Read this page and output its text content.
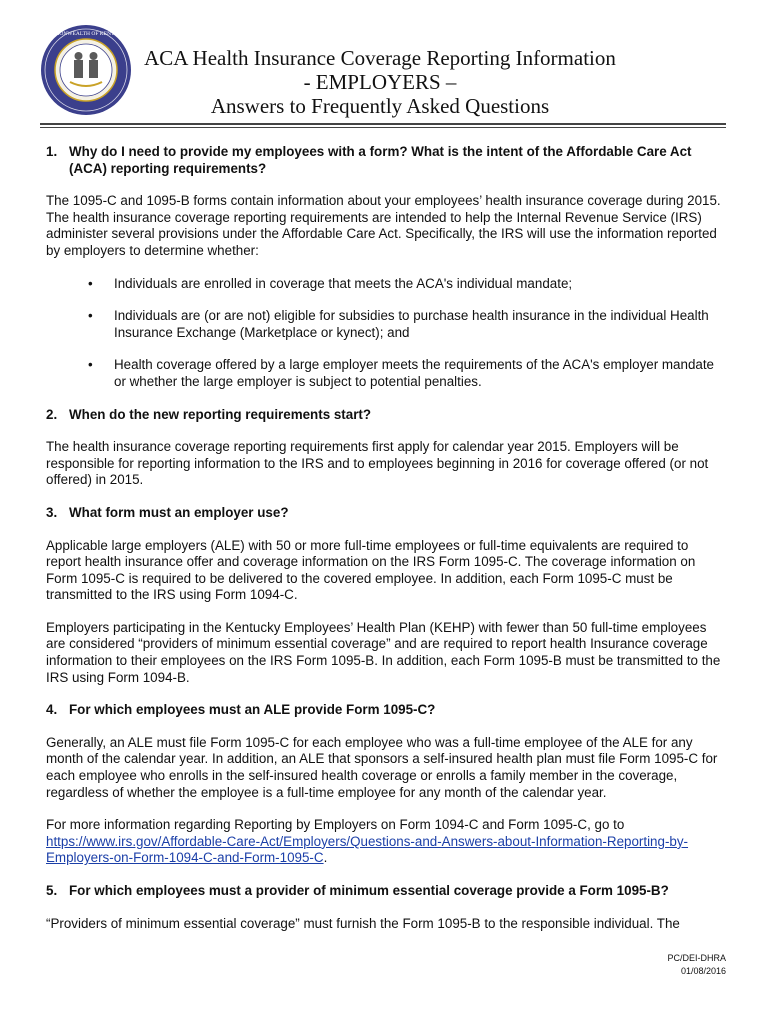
COMMONWEALTH OF KENTUCKY
ACA Health Insurance Coverage Reporting Information
- EMPLOYERS –
Answers to Frequently Asked Questions
1. Why do I need to provide my employees with a form? What is the intent of the Affordable Care Act (ACA) reporting requirements?

The 1095-C and 1095-B forms contain information about your employees’ health insurance coverage during 2015. The health insurance coverage reporting requirements are intended to help the Internal Revenue Service (IRS) administer several provisions under the Affordable Care Act. Specifically, the IRS will use the information reported by employers to determine whether:

•	Individuals are enrolled in coverage that meets the ACA's individual mandate;
•	Individuals are (or are not) eligible for subsidies to purchase health insurance in the individual Health Insurance Exchange (Marketplace or kynect); and
•	Health coverage offered by a large employer meets the requirements of the ACA's employer mandate or whether the large employer is subject to potential penalties.
2. When do the new reporting requirements start?

The health insurance coverage reporting requirements first apply for calendar year 2015. Employers will be responsible for reporting information to the IRS and to employees beginning in 2016 for coverage offered (or not offered) in 2015.

3. What form must an employer use?

Applicable large employers (ALE) with 50 or more full-time employees or full-time equivalents are required to report health insurance offer and coverage information on the IRS Form 1095-C. The coverage information on Form 1095-C is required to be delivered to the covered employee. In addition, each Form 1095-C must be transmitted to the IRS using Form 1094-C.

Employers participating in the Kentucky Employees’ Health Plan (KEHP) with fewer than 50 full-time employees are considered “providers of minimum essential coverage” and are required to report health Insurance coverage information to their employees on the IRS Form 1095-B. In addition, each Form 1095-B must be transmitted to the IRS using Form 1094-B.

4. For which employees must an ALE provide Form 1095-C?

Generally, an ALE must file Form 1095-C for each employee who was a full-time employee of the ALE for any month of the calendar year. In addition, an ALE that sponsors a self-insured health plan must file Form 1095-C for each employee who enrolls in the self-insured health coverage or enrolls a family member in the coverage, regardless of whether the employee is a full-time employee for any month of the calendar year.

For more information regarding Reporting by Employers on Form 1094-C and Form 1095-C, go to
https://www.irs.gov/Affordable-Care-Act/Employers/Questions-and-Answers-about-Information-Reporting-by-Employers-on-Form-1094-C-and-Form-1095-C.

5. For which employees must a provider of minimum essential coverage provide a Form 1095-B?

“Providers of minimum essential coverage” must furnish the Form 1095-B to the responsible individual. The

PC/DEI-DHRA
01/08/2016
